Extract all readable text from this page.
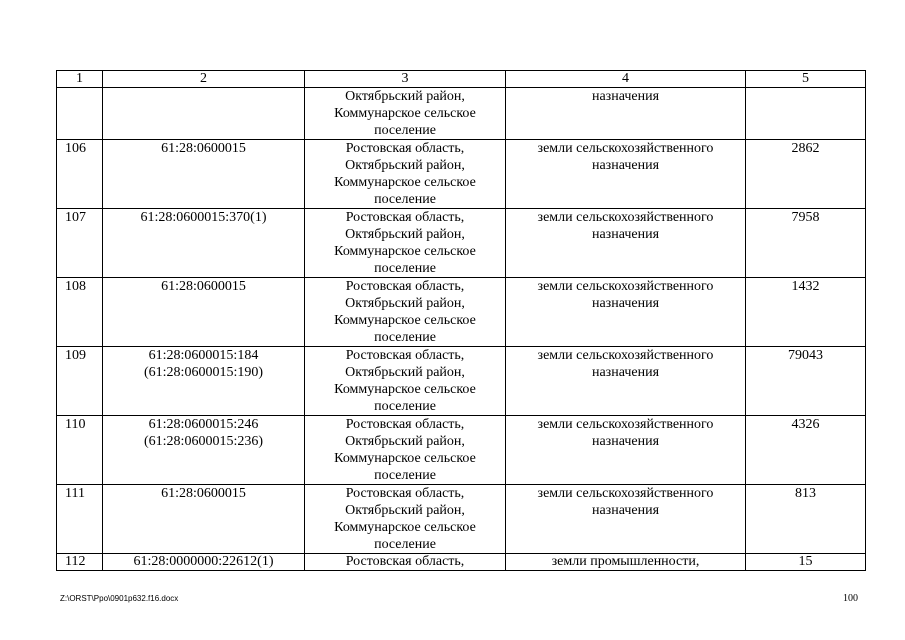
1	2	3	4	5

		Октябрьский район,
Коммунарское сельское
поселение	назначения	

106	61:28:0600015	Ростовская область,
Октябрьский район,
Коммунарское сельское
поселение	земли сельскохозяйственного
назначения	2862
107	61:28:0600015:370(1)	Ростовская область,
Октябрьский район,
Коммунарское сельское
поселение	земли сельскохозяйственного
назначения	7958
108	61:28:0600015	Ростовская область,
Октябрьский район,
Коммунарское сельское
поселение	земли сельскохозяйственного
назначения	1432
109	61:28:0600015:184
(61:28:0600015:190)	Ростовская область,
Октябрьский район,
Коммунарское сельское
поселение	земли сельскохозяйственного
назначения	79043
110	61:28:0600015:246
(61:28:0600015:236)	Ростовская область,
Октябрьский район,
Коммунарское сельское
поселение	земли сельскохозяйственного
назначения	4326
111	61:28:0600015	Ростовская область,
Октябрьский район,
Коммунарское сельское
поселение	земли сельскохозяйственного
назначения	813
112	61:28:0000000:22612(1)	Ростовская область,	земли промышленности,	15
Z:\ORST\Ppo\0901p632.f16.docx	100
